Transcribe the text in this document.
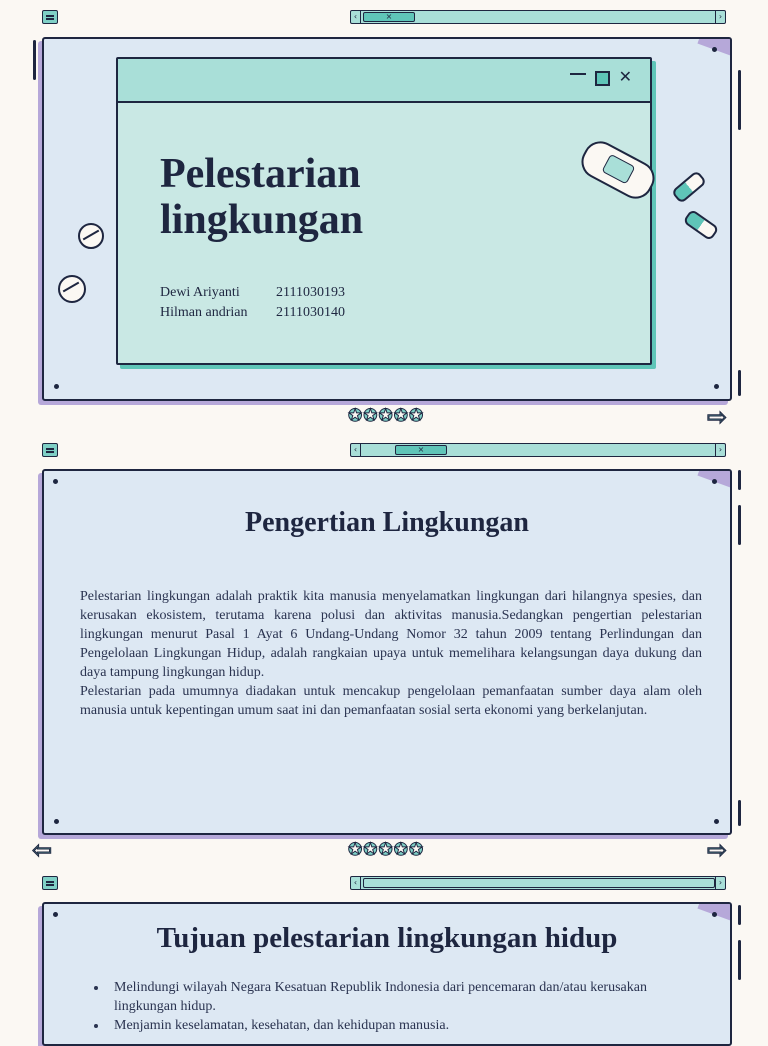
‹	×	›
✕
Pelestarian lingkungan
Dewi Ariyanti	2111030193
Hilman andrian	2111030140
✪✪✪✪✪	⇨
‹	×	›
Pengertian Lingkungan

Pelestarian lingkungan adalah praktik kita manusia menyelamatkan lingkungan dari hilangnya spesies, dan kerusakan ekosistem, terutama karena polusi dan aktivitas manusia.Sedangkan pengertian pelestarian lingkungan menurut Pasal 1 Ayat 6 Undang-Undang Nomor 32 tahun 2009 tentang Perlindungan dan Pengelolaan Lingkungan Hidup, adalah rangkaian upaya untuk memelihara kelangsungan daya dukung dan daya tampung lingkungan hidup.

Pelestarian pada umumnya diadakan untuk mencakup pengelolaan pemanfaatan sumber daya alam oleh manusia untuk kepentingan umum saat ini dan pemanfaatan sosial serta ekonomi yang berkelanjutan.

⇦	✪✪✪✪✪	⇨
‹	›
Tujuan pelestarian lingkungan hidup
• Melindungi wilayah Negara Kesatuan Republik Indonesia dari pencemaran dan/atau kerusakan lingkungan hidup.
• Menjamin keselamatan, kesehatan, dan kehidupan manusia.
